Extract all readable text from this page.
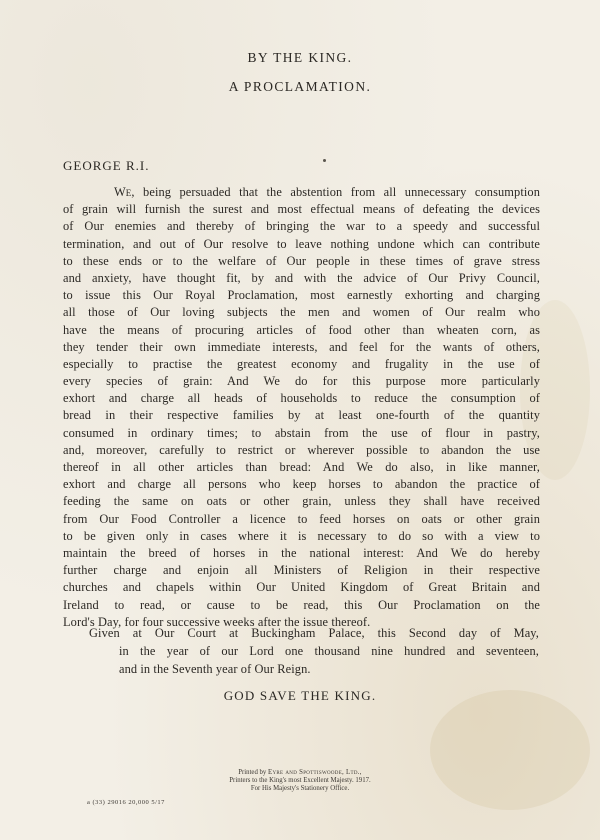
BY THE KING.
A PROCLAMATION.
GEORGE R.I.
We, being persuaded that the abstention from all unnecessary consumption
of grain will furnish the surest and most effectual means of defeating the devices
of Our enemies and thereby of bringing the war to a speedy and successful
termination, and out of Our resolve to leave nothing undone which can contribute
to these ends or to the welfare of Our people in these times of grave stress
and anxiety, have thought fit, by and with the advice of Our Privy Council,
to issue this Our Royal Proclamation, most earnestly exhorting and charging
all those of Our loving subjects the men and women of Our realm who
have the means of procuring articles of food other than wheaten corn, as
they tender their own immediate interests, and feel for the wants of others,
especially to practise the greatest economy and frugality in the use of
every species of grain: And We do for this purpose more particularly
exhort and charge all heads of households to reduce the consumption of
bread in their respective families by at least one-fourth of the quantity
consumed in ordinary times; to abstain from the use of flour in pastry,
and, moreover, carefully to restrict or wherever possible to abandon the use
thereof in all other articles than bread: And We do also, in like manner,
exhort and charge all persons who keep horses to abandon the practice of
feeding the same on oats or other grain, unless they shall have received
from Our Food Controller a licence to feed horses on oats or other grain
to be given only in cases where it is necessary to do so with a view to
maintain the breed of horses in the national interest: And We do hereby
further charge and enjoin all Ministers of Religion in their respective
churches and chapels within Our United Kingdom of Great Britain and
Ireland to read, or cause to be read, this Our Proclamation on the
Lord's Day, for four successive weeks after the issue thereof.
Given at Our Court at Buckingham Palace, this Second day of May,
in the year of our Lord one thousand nine hundred and seventeen,
and in the Seventh year of Our Reign.
GOD SAVE THE KING.
Printed by Eyre and Spottiswoode, Ltd.,
Printers to the King's most Excellent Majesty. 1917.
For His Majesty's Stationery Office.
a (33) 29016 20,000 5/17
